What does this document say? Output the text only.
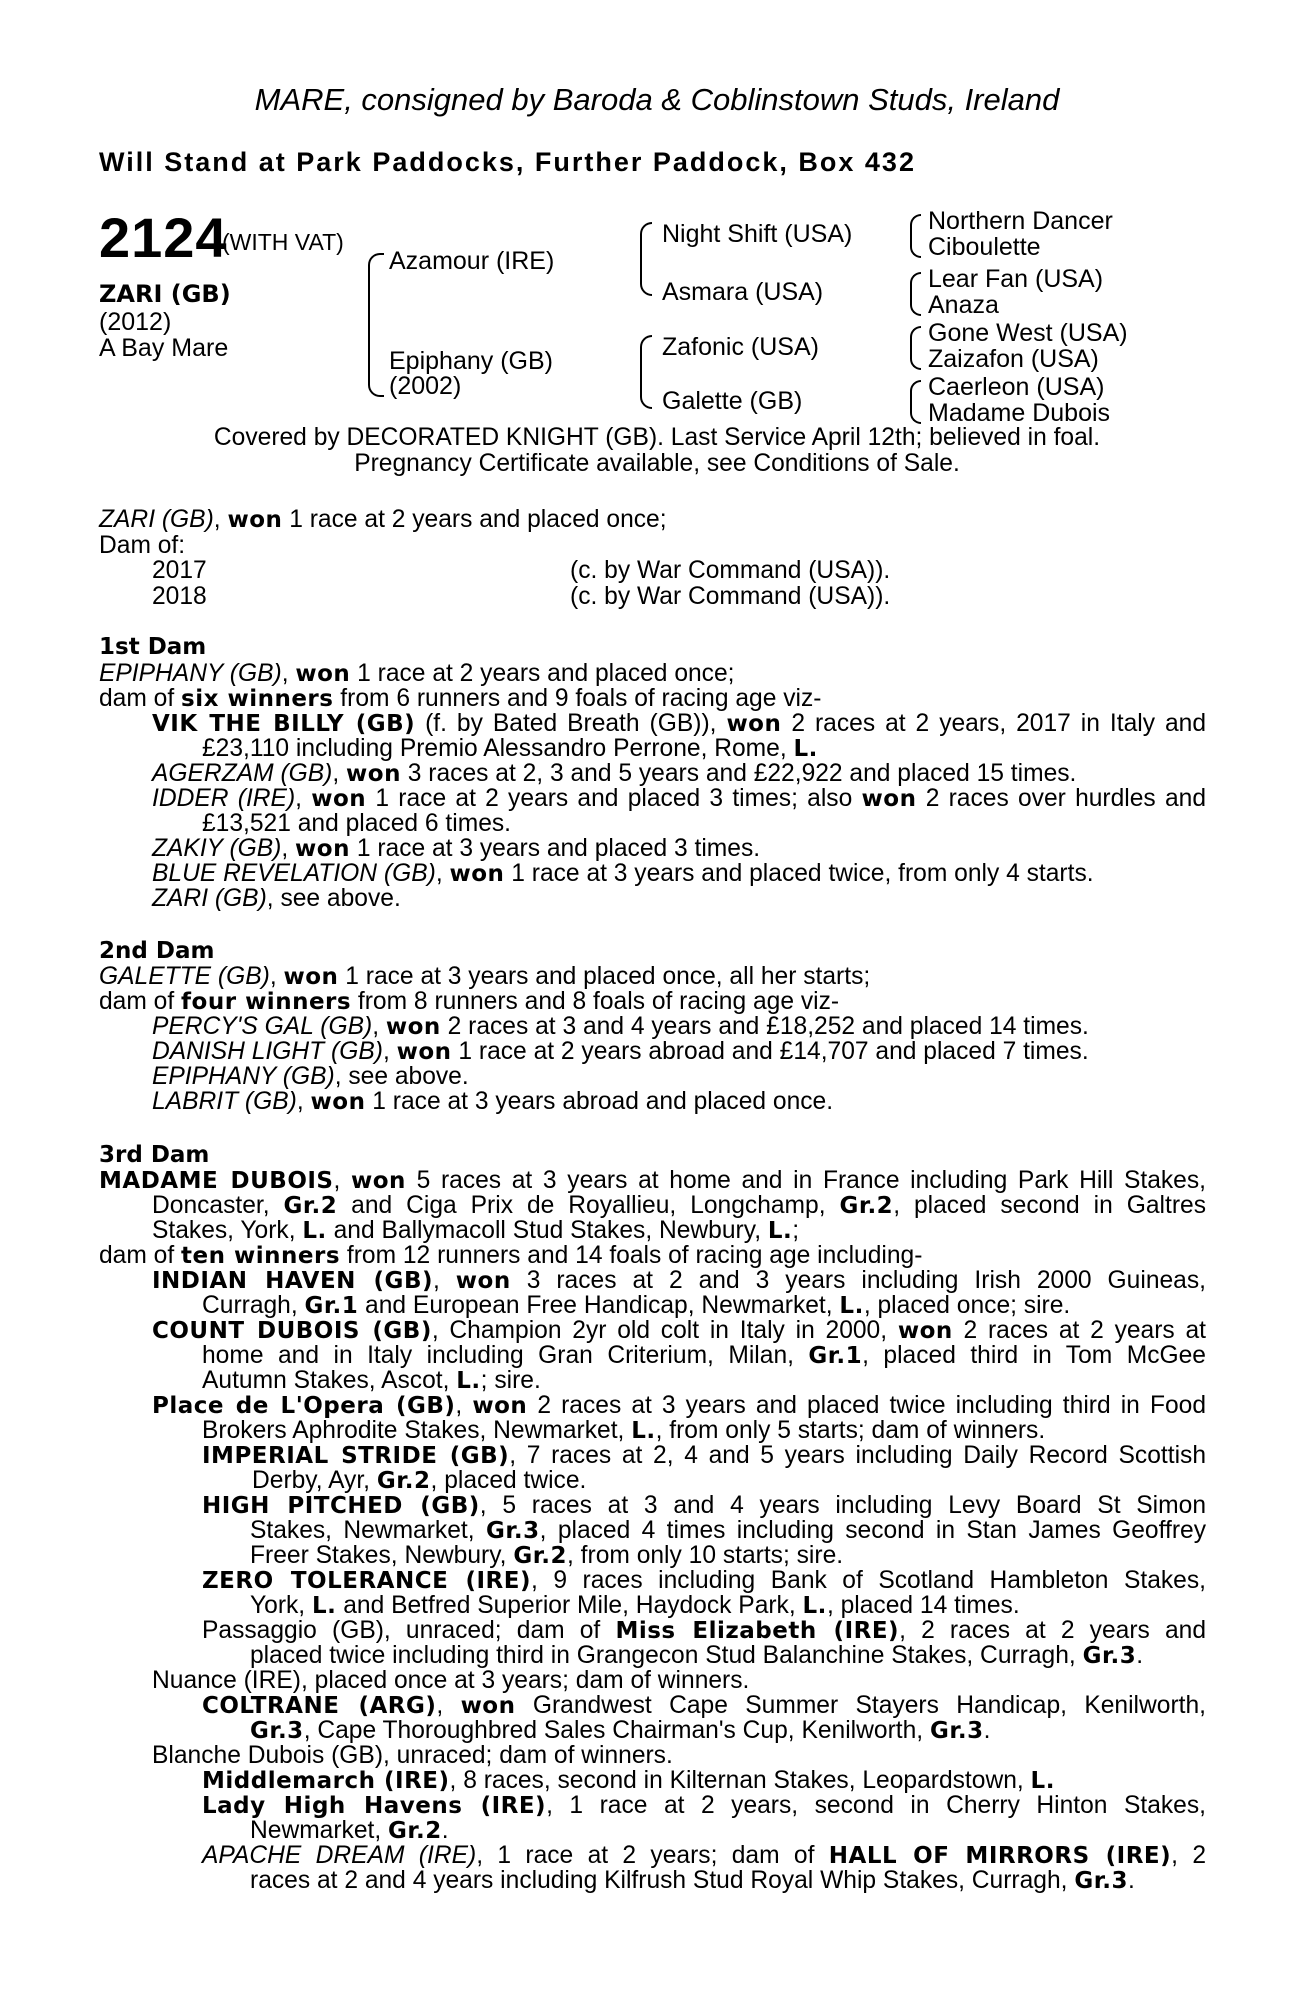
MARE, consigned by Baroda & Coblinstown Studs, Ireland
Will Stand at Park Paddocks, Further Paddock, Box 432
2124
(WITH VAT)
ZARI (GB)
(2012)
A Bay Mare
Azamour (IRE)
Epiphany (GB)
(2002)
Night Shift (USA)
Asmara (USA)
Zafonic (USA)
Galette (GB)
Northern Dancer
Ciboulette
Lear Fan (USA)
Anaza
Gone West (USA)
Zaizafon (USA)
Caerleon (USA)
Madame Dubois
Covered by DECORATED KNIGHT (GB). Last Service April 12th; believed in foal.
Pregnancy Certificate available, see Conditions of Sale.
ZARI (GB), won 1 race at 2 years and placed once;
Dam of:
2017	(c. by War Command (USA)).
2018	(c. by War Command (USA)).
1st Dam
2nd Dam
3rd Dam
EPIPHANY (GB), won 1 race at 2 years and placed once;
dam of six winners from 6 runners and 9 foals of racing age viz-
VIK THE BILLY (GB) (f. by Bated Breath (GB)), won 2 races at 2 years, 2017 in Italy and
£23,110 including Premio Alessandro Perrone, Rome, L.
AGERZAM (GB), won 3 races at 2, 3 and 5 years and £22,922 and placed 15 times.
IDDER (IRE), won 1 race at 2 years and placed 3 times; also won 2 races over hurdles and
£13,521 and placed 6 times.
ZAKIY (GB), won 1 race at 3 years and placed 3 times.
BLUE REVELATION (GB), won 1 race at 3 years and placed twice, from only 4 starts.
ZARI (GB), see above.
GALETTE (GB), won 1 race at 3 years and placed once, all her starts;
dam of four winners from 8 runners and 8 foals of racing age viz-
PERCY'S GAL (GB), won 2 races at 3 and 4 years and £18,252 and placed 14 times.
DANISH LIGHT (GB), won 1 race at 2 years abroad and £14,707 and placed 7 times.
EPIPHANY (GB), see above.
LABRIT (GB), won 1 race at 3 years abroad and placed once.
MADAME DUBOIS, won 5 races at 3 years at home and in France including Park Hill Stakes,
Doncaster, Gr.2 and Ciga Prix de Royallieu, Longchamp, Gr.2, placed second in Galtres
Stakes, York, L. and Ballymacoll Stud Stakes, Newbury, L.;
dam of ten winners from 12 runners and 14 foals of racing age including-
INDIAN HAVEN (GB), won 3 races at 2 and 3 years including Irish 2000 Guineas,
Curragh, Gr.1 and European Free Handicap, Newmarket, L., placed once; sire.
COUNT DUBOIS (GB), Champion 2yr old colt in Italy in 2000, won 2 races at 2 years at
home and in Italy including Gran Criterium, Milan, Gr.1, placed third in Tom McGee
Autumn Stakes, Ascot, L.; sire.
Place de L'Opera (GB), won 2 races at 3 years and placed twice including third in Food
Brokers Aphrodite Stakes, Newmarket, L., from only 5 starts; dam of winners.
IMPERIAL STRIDE (GB), 7 races at 2, 4 and 5 years including Daily Record Scottish
Derby, Ayr, Gr.2, placed twice.
HIGH PITCHED (GB), 5 races at 3 and 4 years including Levy Board St Simon
Stakes, Newmarket, Gr.3, placed 4 times including second in Stan James Geoffrey
Freer Stakes, Newbury, Gr.2, from only 10 starts; sire.
ZERO TOLERANCE (IRE), 9 races including Bank of Scotland Hambleton Stakes,
York, L. and Betfred Superior Mile, Haydock Park, L., placed 14 times.
Passaggio (GB), unraced; dam of Miss Elizabeth (IRE), 2 races at 2 years and
placed twice including third in Grangecon Stud Balanchine Stakes, Curragh, Gr.3.
Nuance (IRE), placed once at 3 years; dam of winners.
COLTRANE (ARG), won Grandwest Cape Summer Stayers Handicap, Kenilworth,
Gr.3, Cape Thoroughbred Sales Chairman's Cup, Kenilworth, Gr.3.
Blanche Dubois (GB), unraced; dam of winners.
Middlemarch (IRE), 8 races, second in Kilternan Stakes, Leopardstown, L.
Lady High Havens (IRE), 1 race at 2 years, second in Cherry Hinton Stakes,
Newmarket, Gr.2.
APACHE DREAM (IRE), 1 race at 2 years; dam of HALL OF MIRRORS (IRE), 2
races at 2 and 4 years including Kilfrush Stud Royal Whip Stakes, Curragh, Gr.3.
